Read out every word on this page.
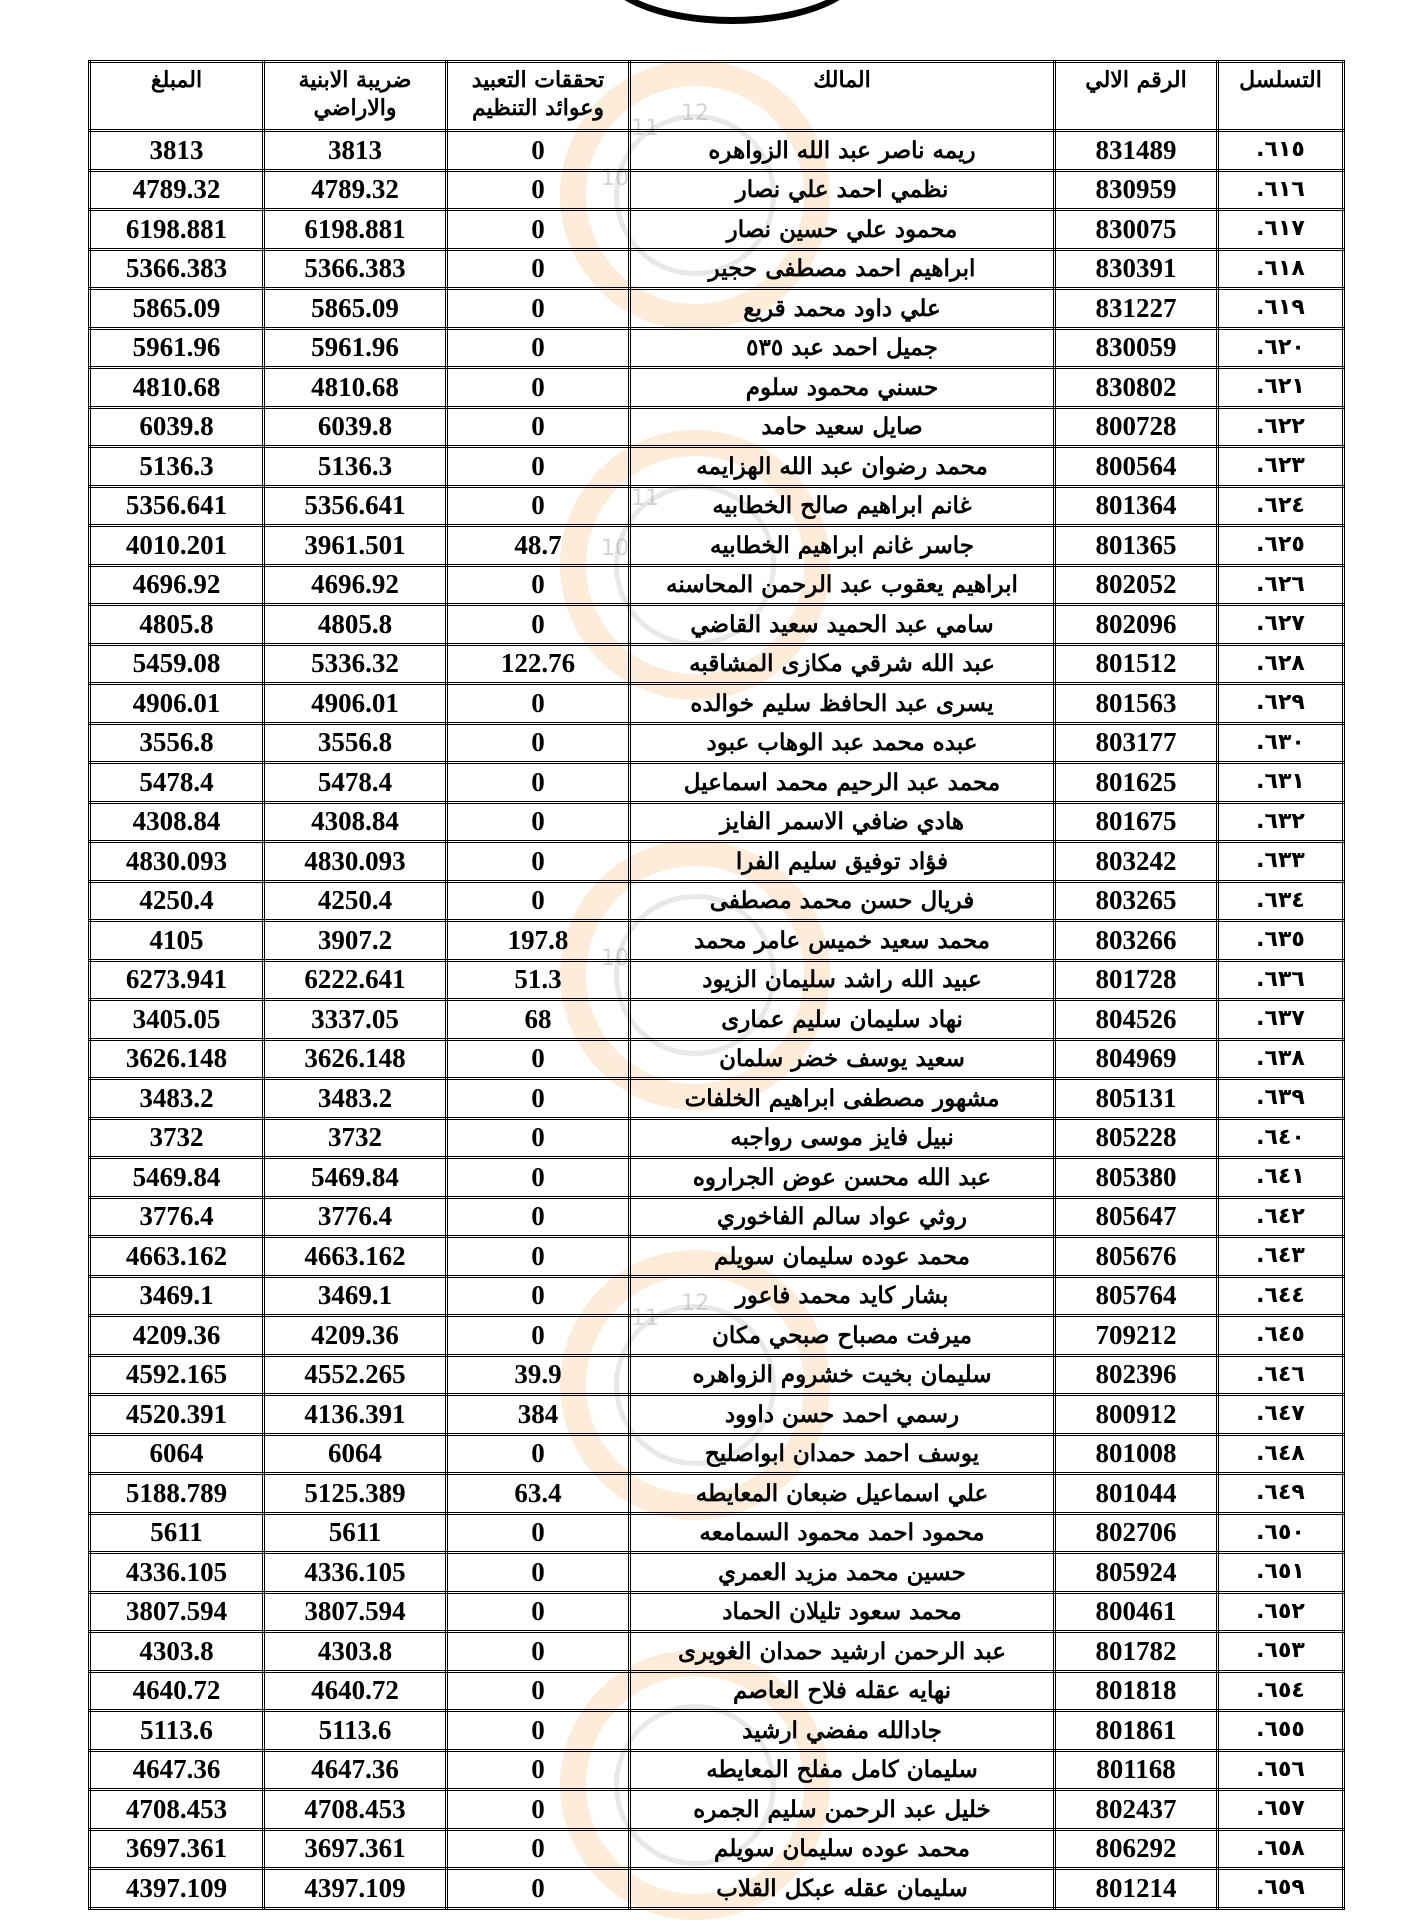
12
11
10
11
10
10
12
11
التسلسل	الرقم الالي	المالك	تحققات التعبيد وعوائد التنظيم	ضريبة الابنية والاراضي	المبلغ
٦١٥.	831489	ريمه ناصر عبد الله الزواهره	0	3813	3813
٦١٦.	830959	نظمي احمد علي نصار	0	4789.32	4789.32
٦١٧.	830075	محمود علي حسين نصار	0	6198.881	6198.881
٦١٨.	830391	ابراهيم احمد مصطفى حجير	0	5366.383	5366.383
٦١٩.	831227	علي داود محمد قريع	0	5865.09	5865.09
٦٢٠.	830059	جميل احمد عبد ٥٣٥	0	5961.96	5961.96
٦٢١.	830802	حسني محمود سلوم	0	4810.68	4810.68
٦٢٢.	800728	صايل سعيد حامد	0	6039.8	6039.8
٦٢٣.	800564	محمد رضوان عبد الله الهزايمه	0	5136.3	5136.3
٦٢٤.	801364	غانم ابراهيم صالح الخطابيه	0	5356.641	5356.641
٦٢٥.	801365	جاسر غانم ابراهيم الخطابيه	48.7	3961.501	4010.201
٦٢٦.	802052	ابراهيم يعقوب عبد الرحمن المحاسنه	0	4696.92	4696.92
٦٢٧.	802096	سامي عبد الحميد سعيد القاضي	0	4805.8	4805.8
٦٢٨.	801512	عبد الله شرقي مكازى المشاقبه	122.76	5336.32	5459.08
٦٢٩.	801563	يسرى عبد الحافظ سليم خوالده	0	4906.01	4906.01
٦٣٠.	803177	عبده محمد عبد الوهاب عبود	0	3556.8	3556.8
٦٣١.	801625	محمد عبد الرحيم محمد اسماعيل	0	5478.4	5478.4
٦٣٢.	801675	هادي ضافي الاسمر الفايز	0	4308.84	4308.84
٦٣٣.	803242	فؤاد توفيق سليم الفرا	0	4830.093	4830.093
٦٣٤.	803265	فريال حسن محمد مصطفى	0	4250.4	4250.4
٦٣٥.	803266	محمد سعيد خميس عامر محمد	197.8	3907.2	4105
٦٣٦.	801728	عبيد الله راشد سليمان الزيود	51.3	6222.641	6273.941
٦٣٧.	804526	نهاد سليمان سليم عمارى	68	3337.05	3405.05
٦٣٨.	804969	سعيد يوسف خضر سلمان	0	3626.148	3626.148
٦٣٩.	805131	مشهور مصطفى ابراهيم الخلفات	0	3483.2	3483.2
٦٤٠.	805228	نبيل فايز موسى رواجبه	0	3732	3732
٦٤١.	805380	عبد الله محسن عوض الجراروه	0	5469.84	5469.84
٦٤٢.	805647	روثي عواد سالم الفاخوري	0	3776.4	3776.4
٦٤٣.	805676	محمد عوده سليمان سويلم	0	4663.162	4663.162
٦٤٤.	805764	بشار كايد محمد فاعور	0	3469.1	3469.1
٦٤٥.	709212	ميرفت مصباح صبحي مكان	0	4209.36	4209.36
٦٤٦.	802396	سليمان بخيت خشروم الزواهره	39.9	4552.265	4592.165
٦٤٧.	800912	رسمي احمد حسن داوود	384	4136.391	4520.391
٦٤٨.	801008	يوسف احمد حمدان ابواصليح	0	6064	6064
٦٤٩.	801044	علي اسماعيل ضبعان المعايطه	63.4	5125.389	5188.789
٦٥٠.	802706	محمود احمد محمود السمامعه	0	5611	5611
٦٥١.	805924	حسين محمد مزيد العمري	0	4336.105	4336.105
٦٥٢.	800461	محمد سعود تليلان الحماد	0	3807.594	3807.594
٦٥٣.	801782	عبد الرحمن ارشيد حمدان الغويرى	0	4303.8	4303.8
٦٥٤.	801818	نهايه عقله فلاح العاصم	0	4640.72	4640.72
٦٥٥.	801861	جادالله مفضي ارشيد	0	5113.6	5113.6
٦٥٦.	801168	سليمان كامل مفلح المعايطه	0	4647.36	4647.36
٦٥٧.	802437	خليل عبد الرحمن سليم الجمره	0	4708.453	4708.453
٦٥٨.	806292	محمد عوده سليمان سويلم	0	3697.361	3697.361
٦٥٩.	801214	سليمان عقله عبكل القلاب	0	4397.109	4397.109
